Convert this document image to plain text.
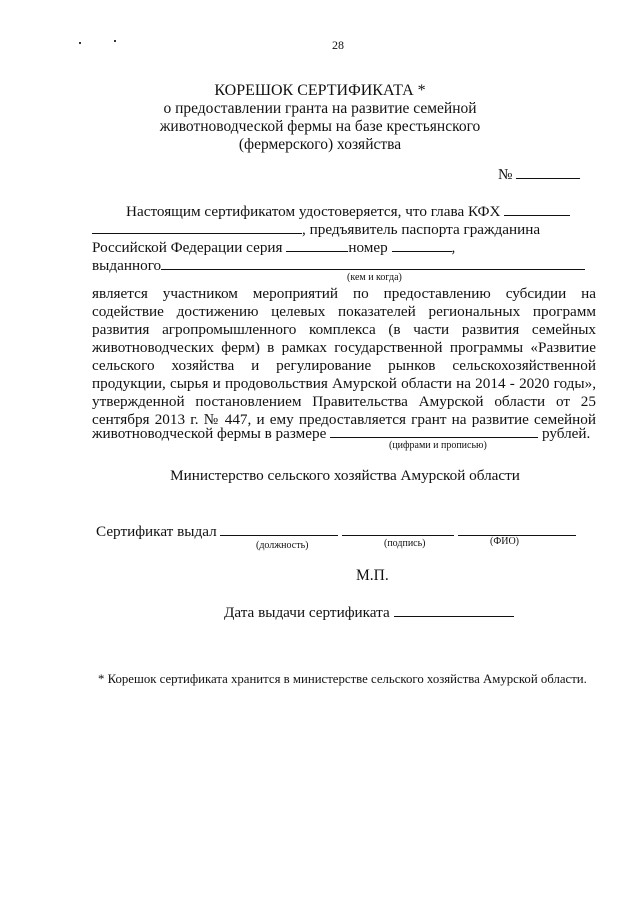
28
КОРЕШОК СЕРТИФИКАТА *
о предоставлении гранта на развитие семейной
животноводческой фермы на базе крестьянского
(фермерского) хозяйства
№
Настоящим сертификатом удостоверяется, что глава КФХ
, предъявитель паспорта гражданина
Российской Федерации серия	номер	,
выданного
(кем и когда)
является участником мероприятий по предоставлению субсидии на
содействие достижению целевых показателей региональных программ
развития агропромышленного комплекса (в части развития семейных
животноводческих ферм) в рамках государственной программы «Развитие
сельского хозяйства и регулирование рынков сельскохозяйственной
продукции, сырья и продовольствия Амурской области на 2014 - 2020 годы»,
утвержденной постановлением Правительства Амурской области от 25
сентября 2013 г. № 447, и ему предоставляется грант на развитие семейной
животноводческой фермы в размере	рублей.
(цифрами и прописью)
Министерство сельского хозяйства Амурской области
Сертификат выдал
(должность)	(подпись)	(ФИО)
М.П.
Дата выдачи сертификата
* Корешок сертификата хранится в министерстве сельского хозяйства Амурской области.
